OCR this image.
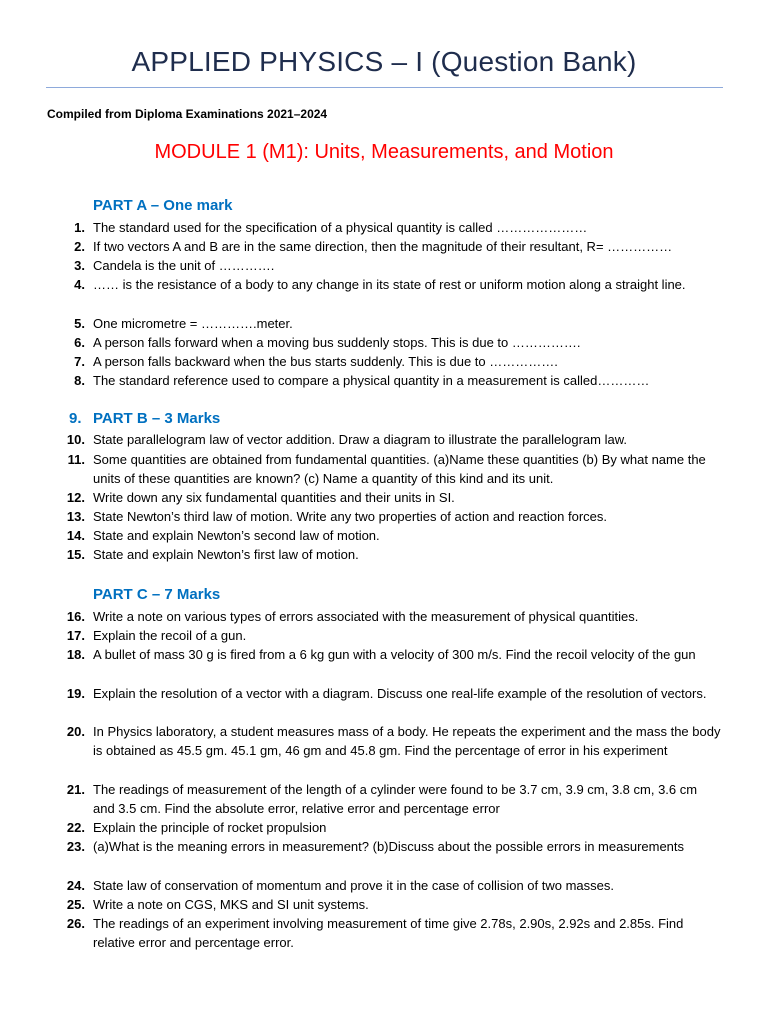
APPLIED PHYSICS – I (Question Bank)
Compiled from Diploma Examinations 2021–2024
MODULE 1 (M1): Units, Measurements, and Motion
PART A – One mark
1. The standard used for the specification of a physical quantity is called …………………
2. If two vectors A and B are in the same direction, then the magnitude of their resultant, R= ……………
3. Candela is the unit of ………….
4. …… is the resistance of a body to any change in its state of rest or uniform motion along a straight line.
5. One micrometre = ………….meter.
6. A person falls forward when a moving bus suddenly stops. This is due to …………….
7. A person falls backward when the bus starts suddenly. This is due to …………….
8. The standard reference used to compare a physical quantity in a measurement is called…………
9. PART B – 3 Marks
10. State parallelogram law of vector addition. Draw a diagram to illustrate the parallelogram law.
11. Some quantities are obtained from fundamental quantities. (a)Name these quantities (b) By what name the units of these quantities are known? (c) Name a quantity of this kind and its unit.
12. Write down any six fundamental quantities and their units in SI.
13. State Newton’s third law of motion. Write any two properties of action and reaction forces.
14. State and explain Newton’s second law of motion.
15. State and explain Newton’s first law of motion.
PART C – 7 Marks
16. Write a note on various types of errors associated with the measurement of physical quantities.
17. Explain the recoil of a gun.
18. A bullet of mass 30 g is fired from a 6 kg gun with a velocity of 300 m/s. Find the recoil velocity of the gun
19. Explain the resolution of a vector with a diagram. Discuss one real-life example of the resolution of vectors.
20. In Physics laboratory, a student measures mass of a body. He repeats the experiment and the mass the body is obtained as 45.5 gm. 45.1 gm, 46 gm and 45.8 gm. Find the percentage of error in his experiment
21. The readings of measurement of the length of a cylinder were found to be 3.7 cm, 3.9 cm, 3.8 cm, 3.6 cm and 3.5 cm. Find the absolute error, relative error and percentage error
22. Explain the principle of rocket propulsion
23. (a)What is the meaning errors in measurement? (b)Discuss about the possible errors in measurements
24. State law of conservation of momentum and prove it in the case of collision of two masses.
25. Write a note on CGS, MKS and SI unit systems.
26. The readings of an experiment involving measurement of time give 2.78s, 2.90s, 2.92s and 2.85s. Find relative error and percentage error.
